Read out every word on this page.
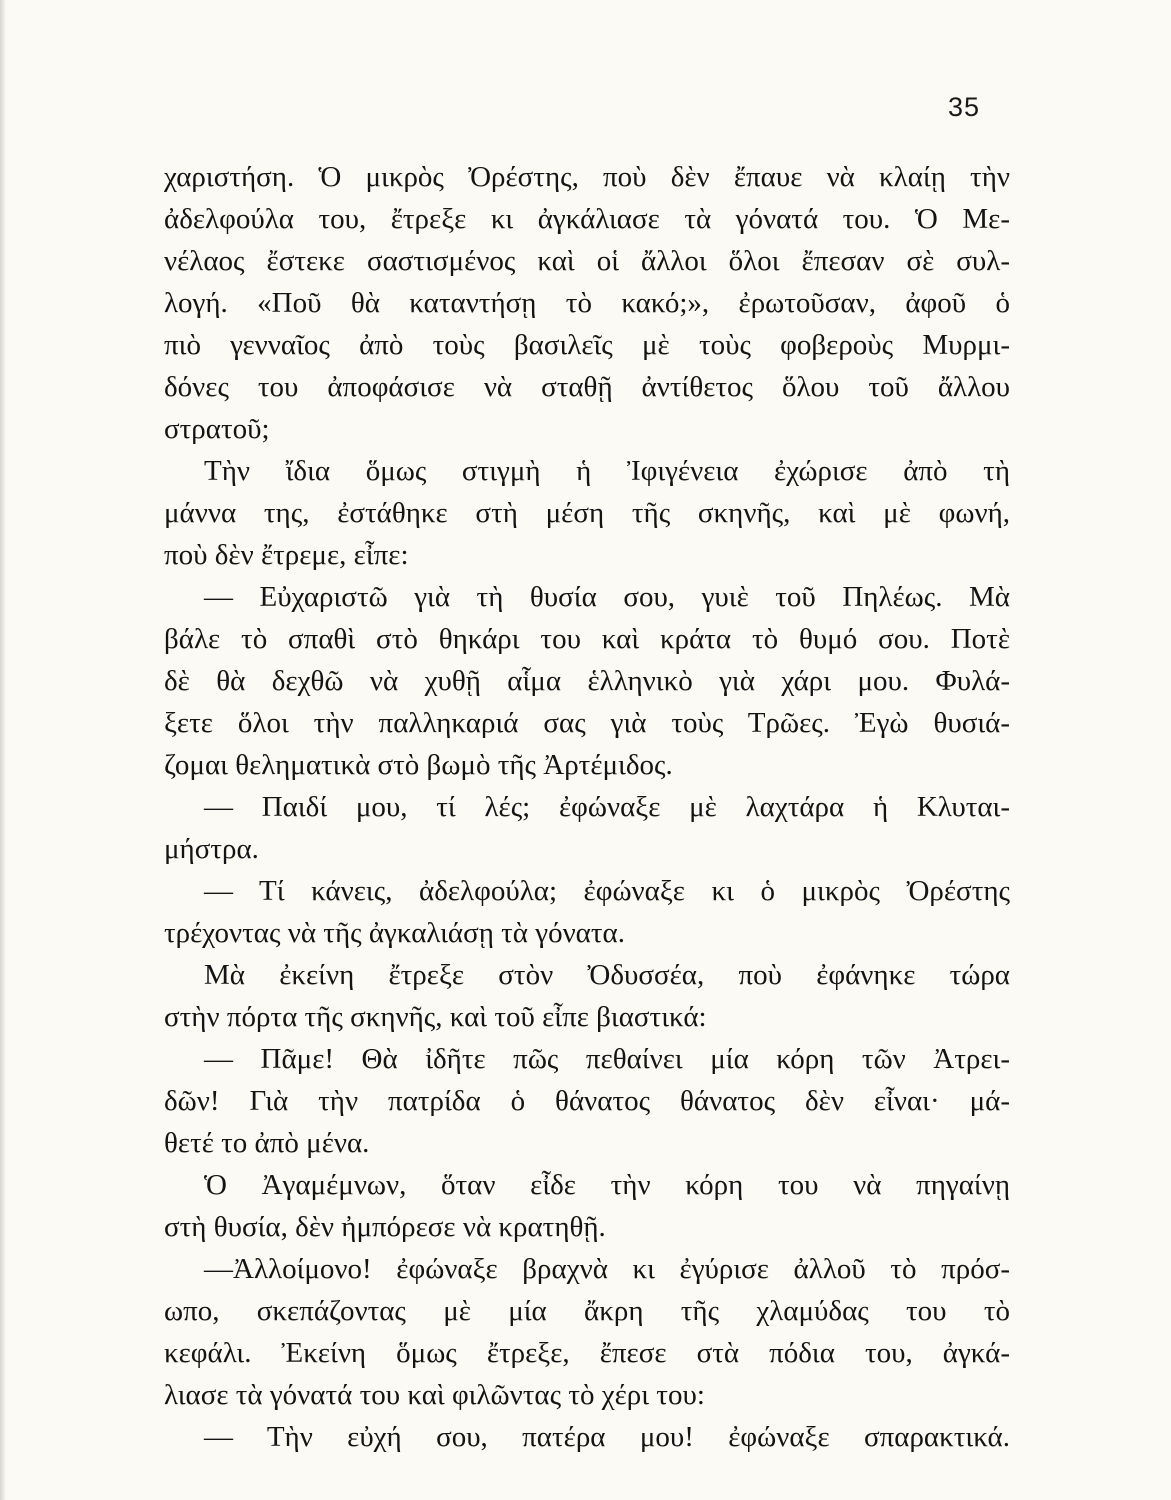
35
χαριστήση. Ὁ μικρὸς Ὀρέστης, ποὺ δὲν ἔπαυε νὰ κλαίῃ τὴν
ἀδελφούλα του, ἔτρεξε κι ἀγκάλιασε τὰ γόνατά του. Ὁ Με-
νέλαος ἔστεκε σαστισμένος καὶ οἱ ἄλλοι ὅλοι ἔπεσαν σὲ συλ-
λογή. «Ποῦ θὰ καταντήσῃ τὸ κακό;», ἐρωτοῦσαν, ἀφοῦ ὁ
πιὸ γενναῖος ἀπὸ τοὺς βασιλεῖς μὲ τοὺς φοβεροὺς Μυρμι-
δόνες του ἀποφάσισε νὰ σταθῇ ἀντίθετος ὅλου τοῦ ἄλλου
στρατοῦ;
Τὴν ἴδια ὅμως στιγμὴ ἡ Ἰφιγένεια ἐχώρισε ἀπὸ τὴ
μάννα της, ἐστάθηκε στὴ μέση τῆς σκηνῆς, καὶ μὲ φωνή,
ποὺ δὲν ἔτρεμε, εἶπε:
— Εὐχαριστῶ γιὰ τὴ θυσία σου, γυιὲ τοῦ Πηλέως. Μὰ
βάλε τὸ σπαθὶ στὸ θηκάρι του καὶ κράτα τὸ θυμό σου. Ποτὲ
δὲ θὰ δεχθῶ νὰ χυθῇ αἷμα ἑλληνικὸ γιὰ χάρι μου. Φυλά-
ξετε ὅλοι τὴν παλληκαριά σας γιὰ τοὺς Τρῶες. Ἐγὼ θυσιά-
ζομαι θεληματικὰ στὸ βωμὸ τῆς Ἀρτέμιδος.
— Παιδί μου, τί λές; ἐφώναξε μὲ λαχτάρα ἡ Κλυται-
μήστρα.
— Τί κάνεις, ἀδελφούλα; ἐφώναξε κι ὁ μικρὸς Ὀρέστης
τρέχοντας νὰ τῆς ἀγκαλιάσῃ τὰ γόνατα.
Μὰ ἐκείνη ἔτρεξε στὸν Ὀδυσσέα, ποὺ ἐφάνηκε τώρα
στὴν πόρτα τῆς σκηνῆς, καὶ τοῦ εἶπε βιαστικά:
— Πᾶμε! Θὰ ἰδῆτε πῶς πεθαίνει μία κόρη τῶν Ἀτρει-
δῶν! Γιὰ τὴν πατρίδα ὁ θάνατος θάνατος δὲν εἶναι· μά-
θετέ το ἀπὸ μένα.
Ὁ Ἀγαμέμνων, ὅταν εἶδε τὴν κόρη του νὰ πηγαίνῃ
στὴ θυσία, δὲν ἠμπόρεσε νὰ κρατηθῇ.
—Ἀλλοίμονο! ἐφώναξε βραχνὰ κι ἐγύρισε ἀλλοῦ τὸ πρόσ-
ωπο, σκεπάζοντας μὲ μία ἄκρη τῆς χλαμύδας του τὸ
κεφάλι. Ἐκείνη ὅμως ἔτρεξε, ἔπεσε στὰ πόδια του, ἀγκά-
λιασε τὰ γόνατά του καὶ φιλῶντας τὸ χέρι του:
— Τὴν εὐχή σου, πατέρα μου! ἐφώναξε σπαρακτικά.
